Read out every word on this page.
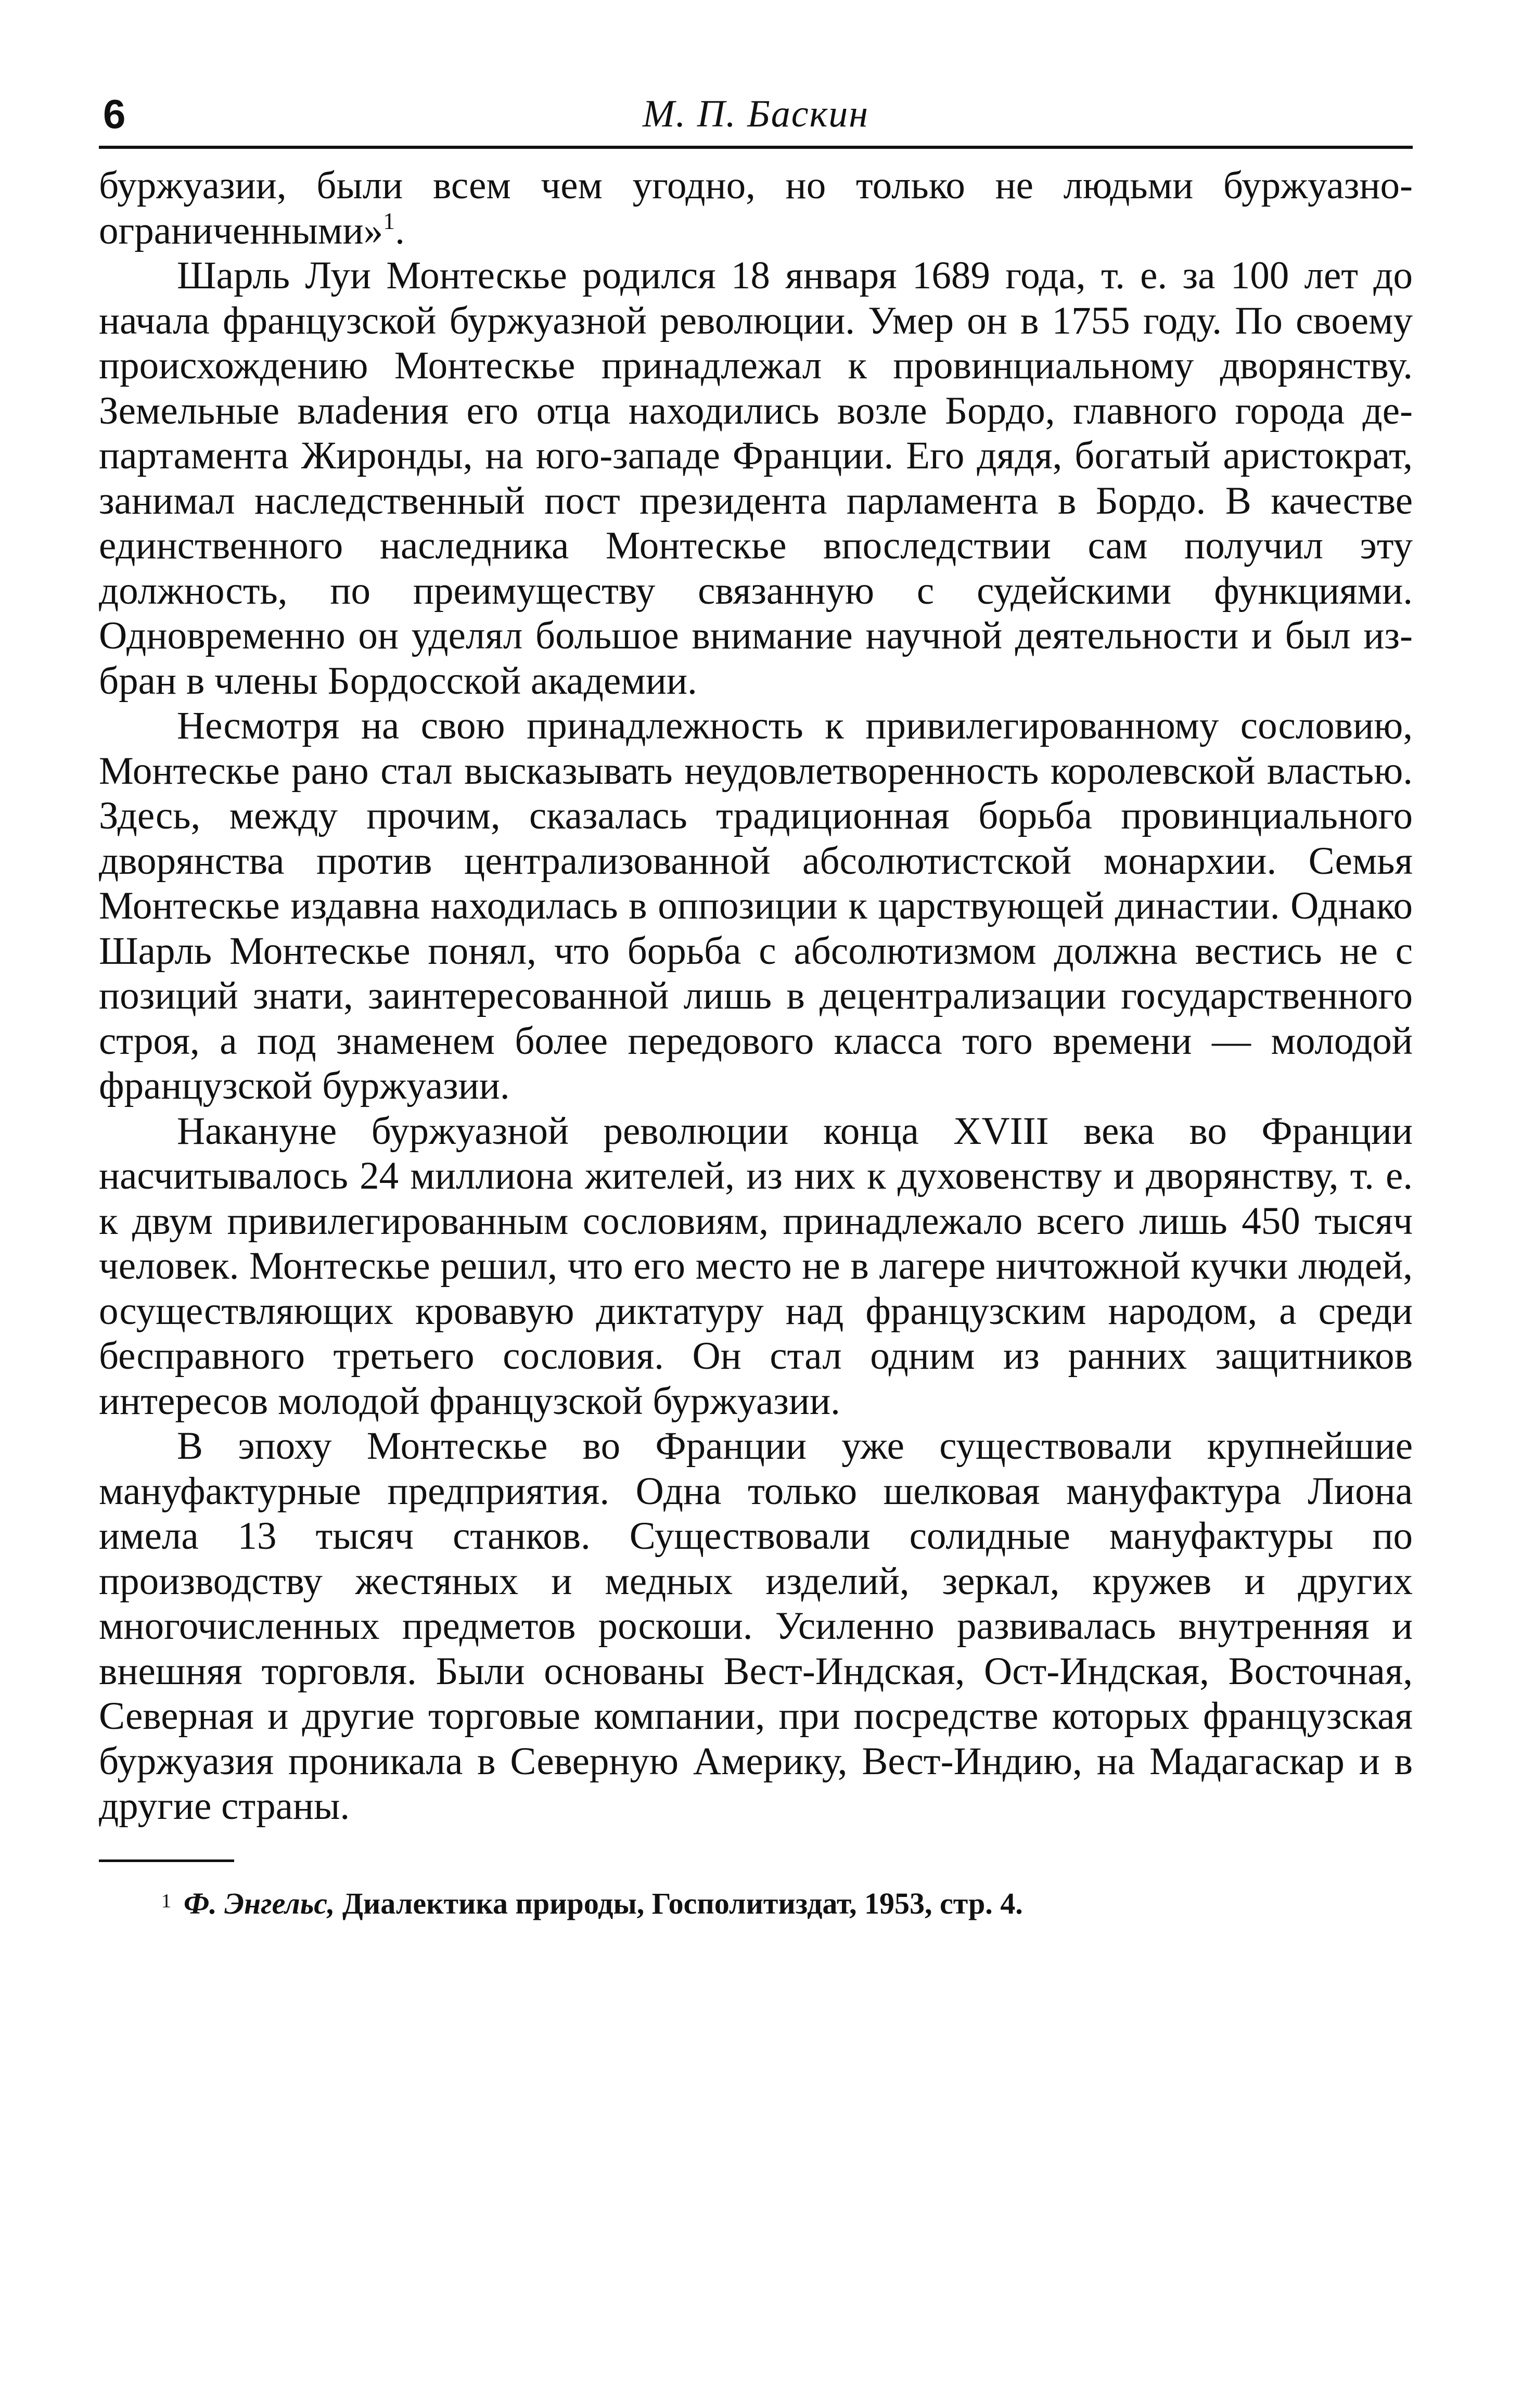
6	М. П. Баскин

буржуазии, были всем чем угодно, но только не людьми буржуазно-ограниченными»$^1$.

Шарль Луи Монтескье родился 18 января 1689 года, т. е. за 100 лет до начала французской буржуазной революции. Умер он в 1755 году. По своему происхождению Монтескье принадлежал к провинциальному дворянству. Земельные влаdения его отца находились возле Бордо, главного города департамента Жиронды, на юго-западе Франции. Его дядя, богатый аристократ, занимал наследственный пост президента парламента в Бордо. В качестве единственного наследника Монтескье впоследствии сам получил эту должность, по преимуществу связанную с судейскими функциями. Одновременно он уделял большое внимание научной деятельности и был избран в члены Бордосской академии.

Несмотря на свою принадлежность к привилегированному сословию, Монтескье рано стал высказывать неудовлетворенность королевской властью. Здесь, между прочим, сказалась традиционная борьба провинциального дворянства против централизованной абсолютистской монархии. Семья Монтескье издавна находилась в оппозиции к царствующей династии. Однако Шарль Монтескье понял, что борьба с абсолютизмом должна вестись не с позиций знати, заинтересованной лишь в децентрализации государственного строя, а под знаменем более передового класса того времени — молодой французской буржуазии.

Накануне буржуазной революции конца XVIII века во Франции насчитывалось 24 миллиона жителей, из них к духовенству и дворянству, т. е. к двум привилегированным сословиям, принадлежало всего лишь 450 тысяч человек. Монтескье решил, что его место не в лагере ничтожной кучки людей, осуществляющих кровавую диктатуру над французским народом, а среди бесправного третьего сословия. Он стал одним из ранних защитников интересов молодой французской буржуазии.

В эпоху Монтескье во Франции уже существовали крупнейшие мануфактурные предприятия. Одна только шелковая мануфактура Лиона имела 13 тысяч станков. Существовали солидные мануфактуры по производству жестяных и медных изделий, зеркал, кружев и других многочисленных предметов роскоши. Усиленно развивалась внутренняя и внешняя торговля. Были основаны Вест-Индская, Ост-Индская, Восточная, Северная и другие торговые компании, при посредстве которых французская буржуазия проникала в Северную Америку, Вест-Индию, на Мадагаскар и в другие страны.

$^1$ Ф. Энгельс, Диалектика природы, Госполитиздат, 1953, стр. 4.
